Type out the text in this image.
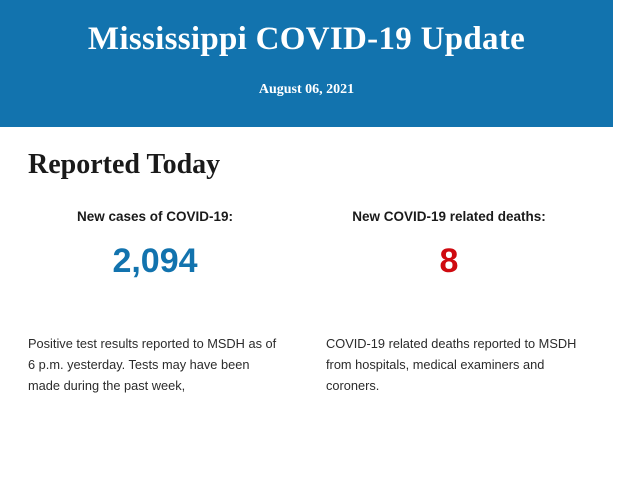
Mississippi COVID-19 Update
August 06, 2021
Reported Today
New cases of COVID-19:
2,094
New COVID-19 related deaths:
8
Positive test results reported to MSDH as of 6 p.m. yesterday. Tests may have been made during the past week,
COVID-19 related deaths reported to MSDH from hospitals, medical examiners and coroners.
